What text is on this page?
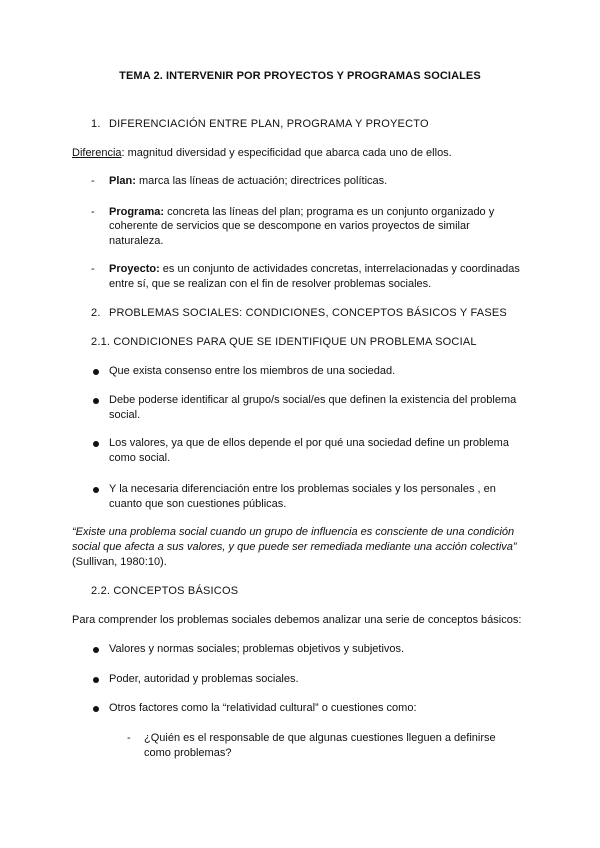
TEMA 2. INTERVENIR POR PROYECTOS Y PROGRAMAS SOCIALES
1. DIFERENCIACIÓN ENTRE PLAN, PROGRAMA Y PROYECTO
Diferencia: magnitud diversidad y especificidad que abarca cada uno de ellos.
- Plan: marca las líneas de actuación; directrices políticas.
- Programa: concreta las líneas del plan; programa es un conjunto organizado y
coherente de servicios que se descompone en varios proyectos de similar
naturaleza.
- Proyecto: es un conjunto de actividades concretas, interrelacionadas y coordinadas
entre sí, que se realizan con el fin de resolver problemas sociales.
2. PROBLEMAS SOCIALES: CONDICIONES, CONCEPTOS BÁSICOS Y FASES
2.1. CONDICIONES PARA QUE SE IDENTIFIQUE UN PROBLEMA SOCIAL
Que exista consenso entre los miembros de una sociedad.
Debe poderse identificar al grupo/s social/es que definen la existencia del problema
social.
Los valores, ya que de ellos depende el por qué una sociedad define un problema
como social.
Y la necesaria diferenciación entre los problemas sociales y los personales , en
cuanto que son cuestiones públicas.
“Existe una problema social cuando un grupo de influencia es consciente de una condición
social que afecta a sus valores, y que puede ser remediada mediante una acción colectiva”
(Sullivan, 1980:10).
2.2. CONCEPTOS BÁSICOS
Para comprender los problemas sociales debemos analizar una serie de conceptos básicos:
Valores y normas sociales; problemas objetivos y subjetivos.
Poder, autoridad y problemas sociales.
Otros factores como la “relatividad cultural” o cuestiones como:
- ¿Quién es el responsable de que algunas cuestiones lleguen a definirse
como problemas?
